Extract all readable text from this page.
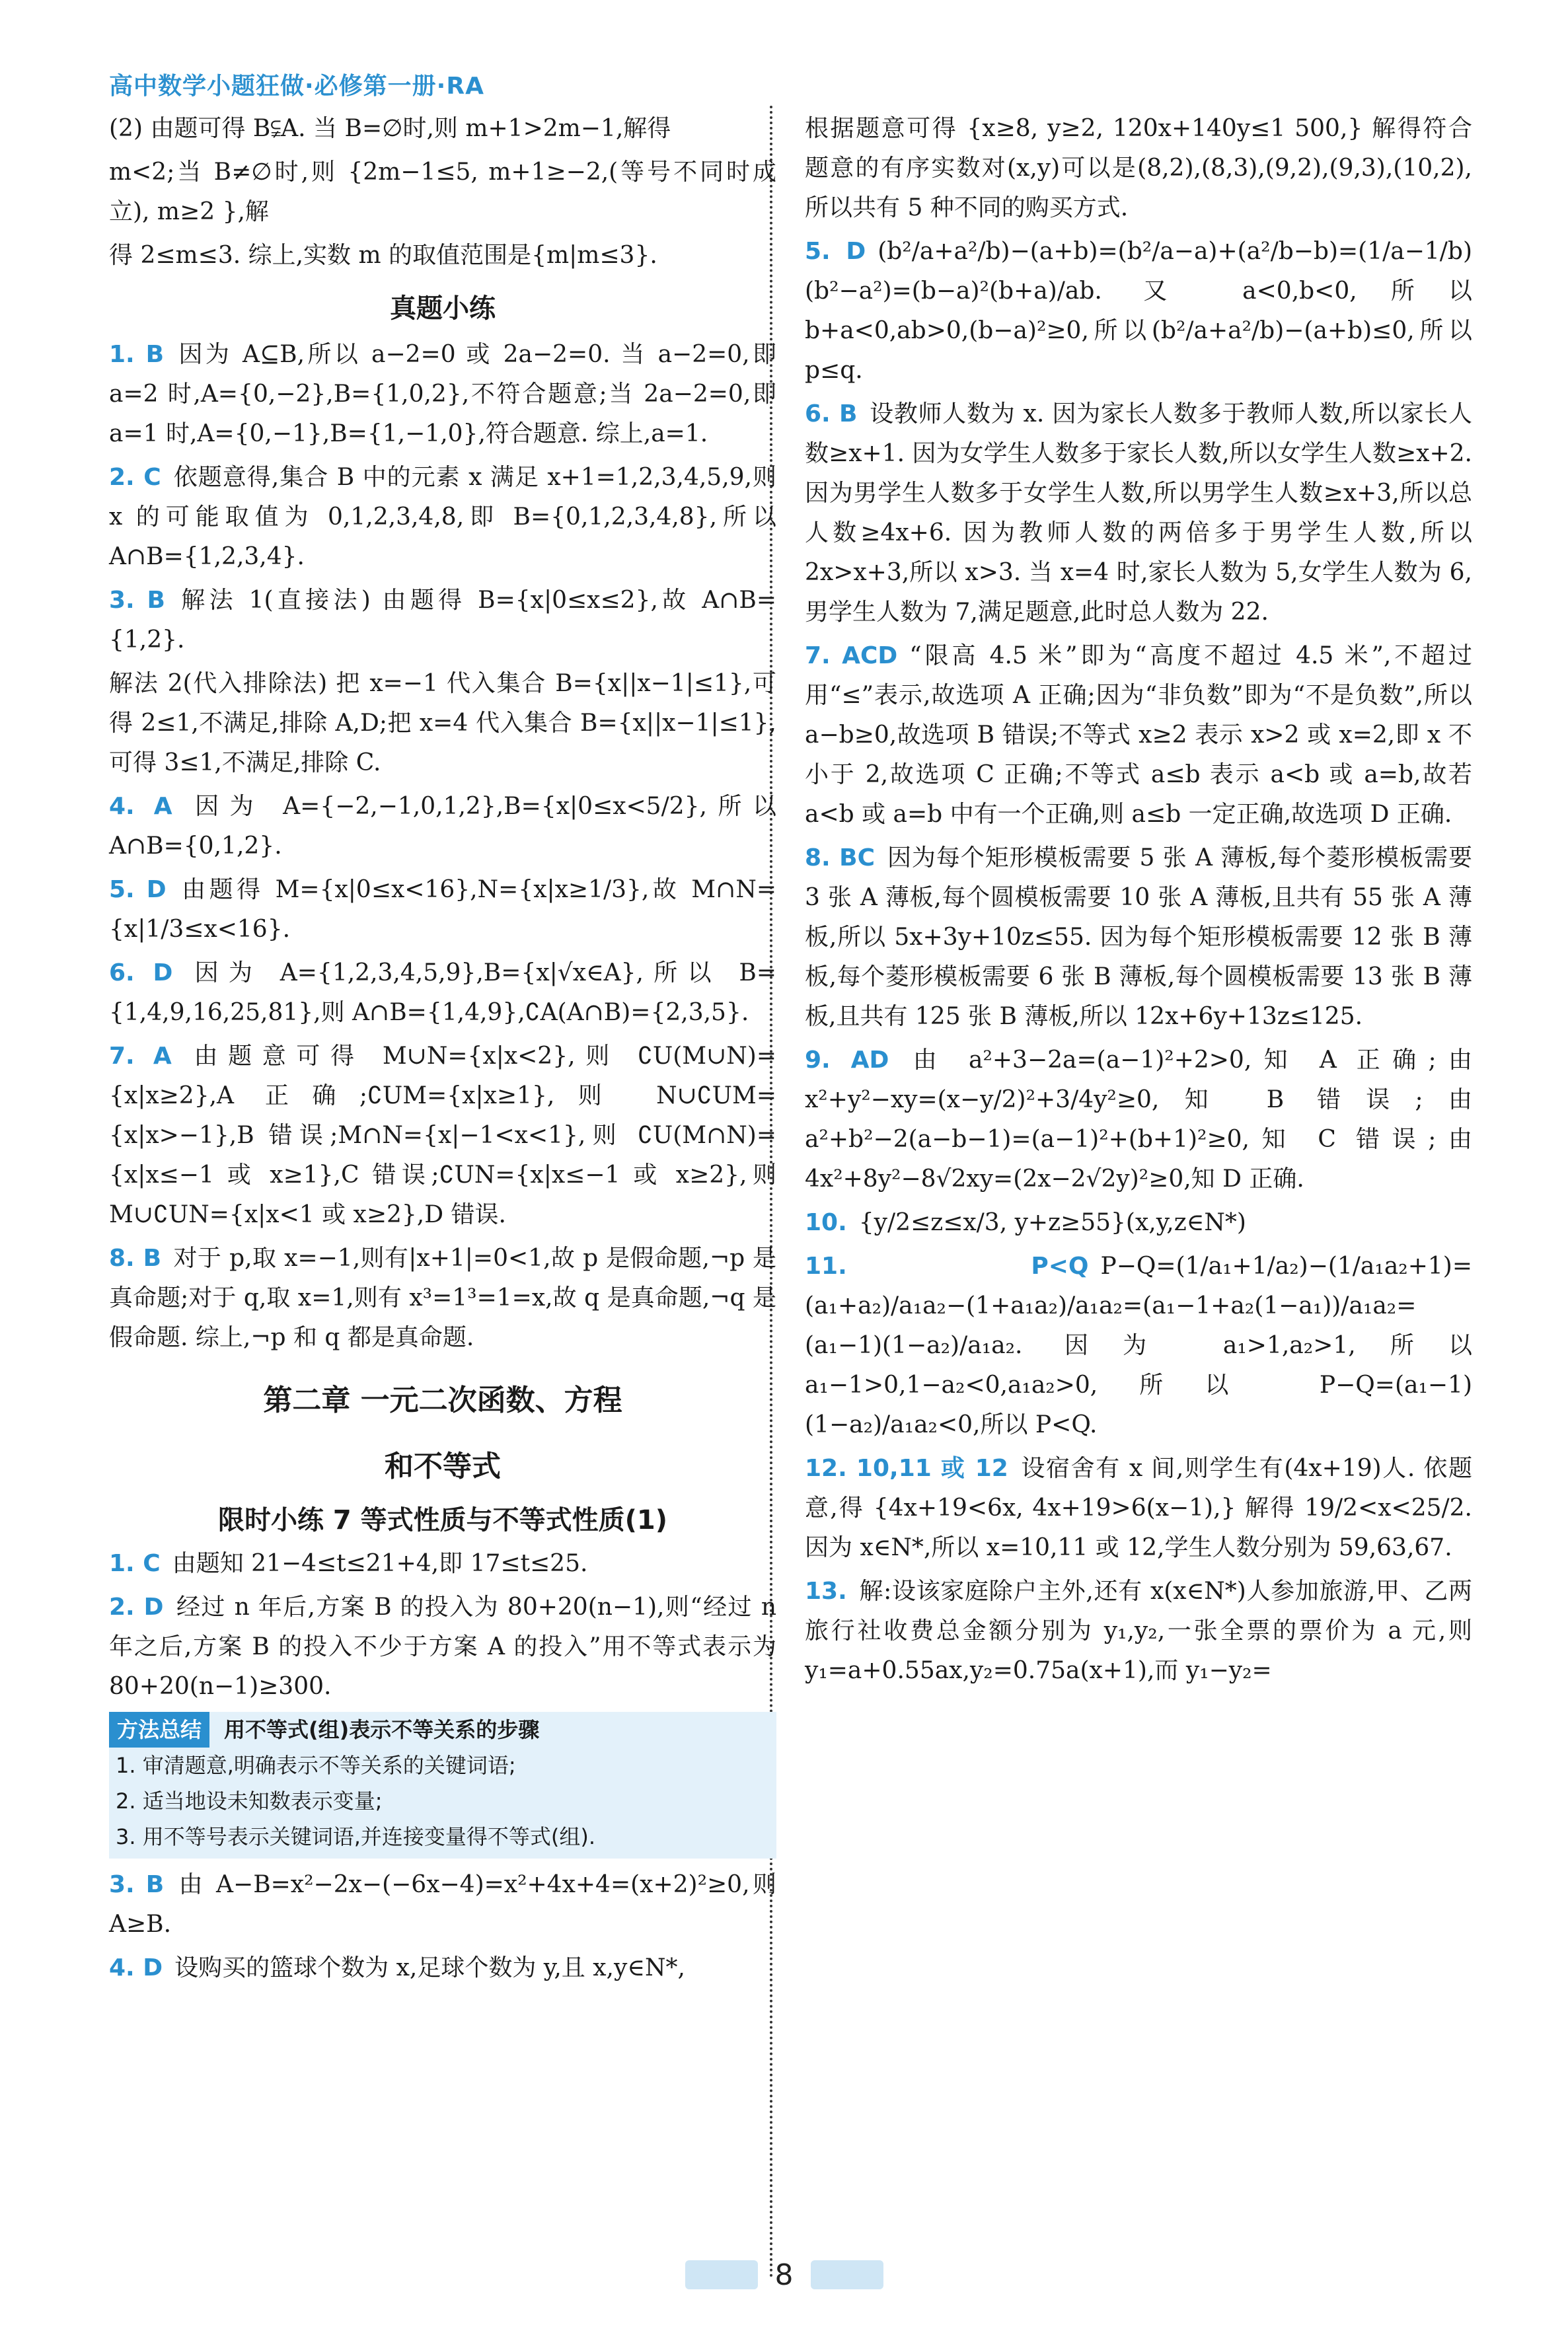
高中数学小题狂做·必修第一册·RA

(2) 由题可得 B⫋A. 当 B=∅时,则 m+1>2m−1,解得

m<2;当 B≠∅时,则 {2m−1≤5, m+1≥−2,(等号不同时成立), m≥2 },解

得 2≤m≤3. 综上,实数 m 的取值范围是{m|m≤3}.

真题小练

1. B 因为 A⊆B,所以 a−2=0 或 2a−2=0. 当 a−2=0,即 a=2 时,A={0,−2},B={1,0,2},不符合题意;当 2a−2=0,即 a=1 时,A={0,−1},B={1,−1,0},符合题意. 综上,a=1.

2. C 依题意得,集合 B 中的元素 x 满足 x+1=1,2,3,4,5,9,则 x 的可能取值为 0,1,2,3,4,8,即 B={0,1,2,3,4,8},所以 A∩B={1,2,3,4}.

3. B 解法 1(直接法) 由题得 B={x|0≤x≤2},故 A∩B={1,2}.

解法 2(代入排除法) 把 x=−1 代入集合 B={x||x−1|≤1},可得 2≤1,不满足,排除 A,D;把 x=4 代入集合 B={x||x−1|≤1},可得 3≤1,不满足,排除 C.

4. A 因为 A={−2,−1,0,1,2},B={x|0≤x<5/2},所以 A∩B={0,1,2}.

5. D 由题得 M={x|0≤x<16},N={x|x≥1/3},故 M∩N={x|1/3≤x<16}.

6. D 因为 A={1,2,3,4,5,9},B={x|√x∈A},所以 B={1,4,9,16,25,81},则 A∩B={1,4,9},∁A(A∩B)={2,3,5}.

7. A 由题意可得 M∪N={x|x<2},则 ∁U(M∪N)={x|x≥2},A 正确;∁UM={x|x≥1},则 N∪∁UM={x|x>−1},B 错误;M∩N={x|−1<x<1},则 ∁U(M∩N)={x|x≤−1 或 x≥1},C 错误;∁UN={x|x≤−1 或 x≥2},则 M∪∁UN={x|x<1 或 x≥2},D 错误.

8. B 对于 p,取 x=−1,则有|x+1|=0<1,故 p 是假命题,¬p 是真命题;对于 q,取 x=1,则有 x³=1³=1=x,故 q 是真命题,¬q 是假命题. 综上,¬p 和 q 都是真命题.

第二章 一元二次函数、方程
和不等式
限时小练 7 等式性质与不等式性质(1)

1. C 由题知 21−4≤t≤21+4,即 17≤t≤25.

2. D 经过 n 年后,方案 B 的投入为 80+20(n−1),则“经过 n 年之后,方案 B 的投入不少于方案 A 的投入”用不等式表示为 80+20(n−1)≥300.

方法总结	用不等式(组)表示不等关系的步骤
1. 审清题意,明确表示不等关系的关键词语;
2. 适当地设未知数表示变量;
3. 用不等号表示关键词语,并连接变量得不等式(组).

3. B 由 A−B=x²−2x−(−6x−4)=x²+4x+4=(x+2)²≥0,则 A≥B.

4. D 设购买的篮球个数为 x,足球个数为 y,且 x,y∈N*,

根据题意可得 {x≥8, y≥2, 120x+140y≤1 500,} 解得符合题意的有序实数对(x,y)可以是(8,2),(8,3),(9,2),(9,3),(10,2),所以共有 5 种不同的购买方式.

5. D (b²/a+a²/b)−(a+b)=(b²/a−a)+(a²/b−b)=(1/a−1/b)(b²−a²)=(b−a)²(b+a)/ab. 又 a<0,b<0,所以 b+a<0,ab>0,(b−a)²≥0,所以(b²/a+a²/b)−(a+b)≤0,所以 p≤q.

6. B 设教师人数为 x. 因为家长人数多于教师人数,所以家长人数≥x+1. 因为女学生人数多于家长人数,所以女学生人数≥x+2. 因为男学生人数多于女学生人数,所以男学生人数≥x+3,所以总人数≥4x+6. 因为教师人数的两倍多于男学生人数,所以 2x>x+3,所以 x>3. 当 x=4 时,家长人数为 5,女学生人数为 6,男学生人数为 7,满足题意,此时总人数为 22.

7. ACD “限高 4.5 米”即为“高度不超过 4.5 米”,不超过用“≤”表示,故选项 A 正确;因为“非负数”即为“不是负数”,所以 a−b≥0,故选项 B 错误;不等式 x≥2 表示 x>2 或 x=2,即 x 不小于 2,故选项 C 正确;不等式 a≤b 表示 a<b 或 a=b,故若 a<b 或 a=b 中有一个正确,则 a≤b 一定正确,故选项 D 正确.

8. BC 因为每个矩形模板需要 5 张 A 薄板,每个菱形模板需要 3 张 A 薄板,每个圆模板需要 10 张 A 薄板,且共有 55 张 A 薄板,所以 5x+3y+10z≤55. 因为每个矩形模板需要 12 张 B 薄板,每个菱形模板需要 6 张 B 薄板,每个圆模板需要 13 张 B 薄板,且共有 125 张 B 薄板,所以 12x+6y+13z≤125.

9. AD 由 a²+3−2a=(a−1)²+2>0,知 A 正确;由 x²+y²−xy=(x−y/2)²+3/4y²≥0,知 B 错误;由 a²+b²−2(a−b−1)=(a−1)²+(b+1)²≥0,知 C 错误;由 4x²+8y²−8√2xy=(2x−2√2y)²≥0,知 D 正确.

10. {y/2≤z≤x/3, y+z≥55}(x,y,z∈N*)

11. P<Q P−Q=(1/a₁+1/a₂)−(1/a₁a₂+1)=(a₁+a₂)/a₁a₂−(1+a₁a₂)/a₁a₂=(a₁−1+a₂(1−a₁))/a₁a₂=(a₁−1)(1−a₂)/a₁a₂. 因为 a₁>1,a₂>1,所以 a₁−1>0,1−a₂<0,a₁a₂>0,所以 P−Q=(a₁−1)(1−a₂)/a₁a₂<0,所以 P<Q.

12. 10,11 或 12 设宿舍有 x 间,则学生有(4x+19)人. 依题意,得 {4x+19<6x, 4x+19>6(x−1),} 解得 19/2<x<25/2. 因为 x∈N*,所以 x=10,11 或 12,学生人数分别为 59,63,67.

13. 解:设该家庭除户主外,还有 x(x∈N*)人参加旅游,甲、乙两旅行社收费总金额分别为 y₁,y₂,一张全票的票价为 a 元,则 y₁=a+0.55ax,y₂=0.75a(x+1),而 y₁−y₂=

8
